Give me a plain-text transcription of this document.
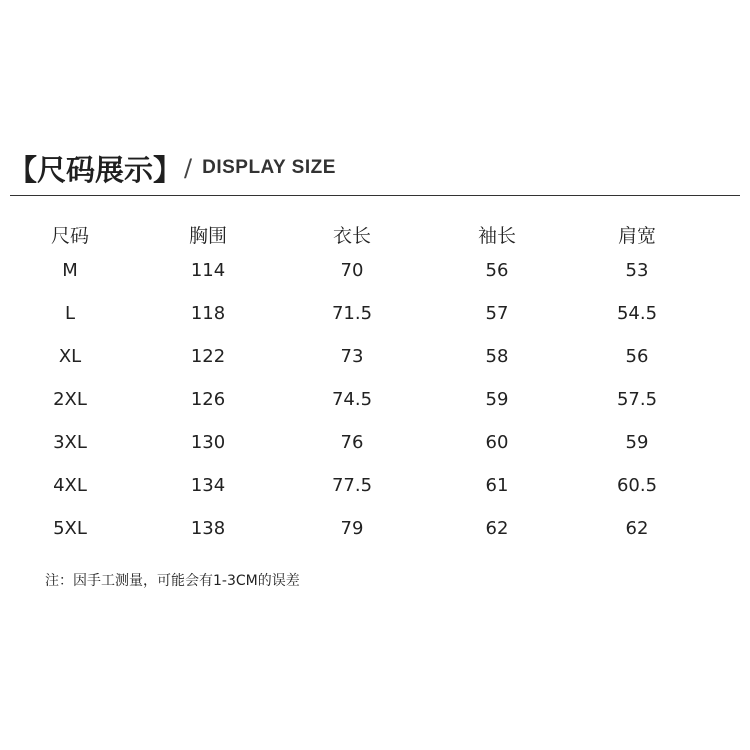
【尺码展示】 / DISPLAY SIZE
尺码	胸围	衣长	袖长	肩宽
M	114	70	56	53
L	118	71.5	57	54.5
XL	122	73	58	56
2XL	126	74.5	59	57.5
3XL	130	76	60	59
4XL	134	77.5	61	60.5
5XL	138	79	62	62
注：因手工测量，可能会有1-3CM的误差
